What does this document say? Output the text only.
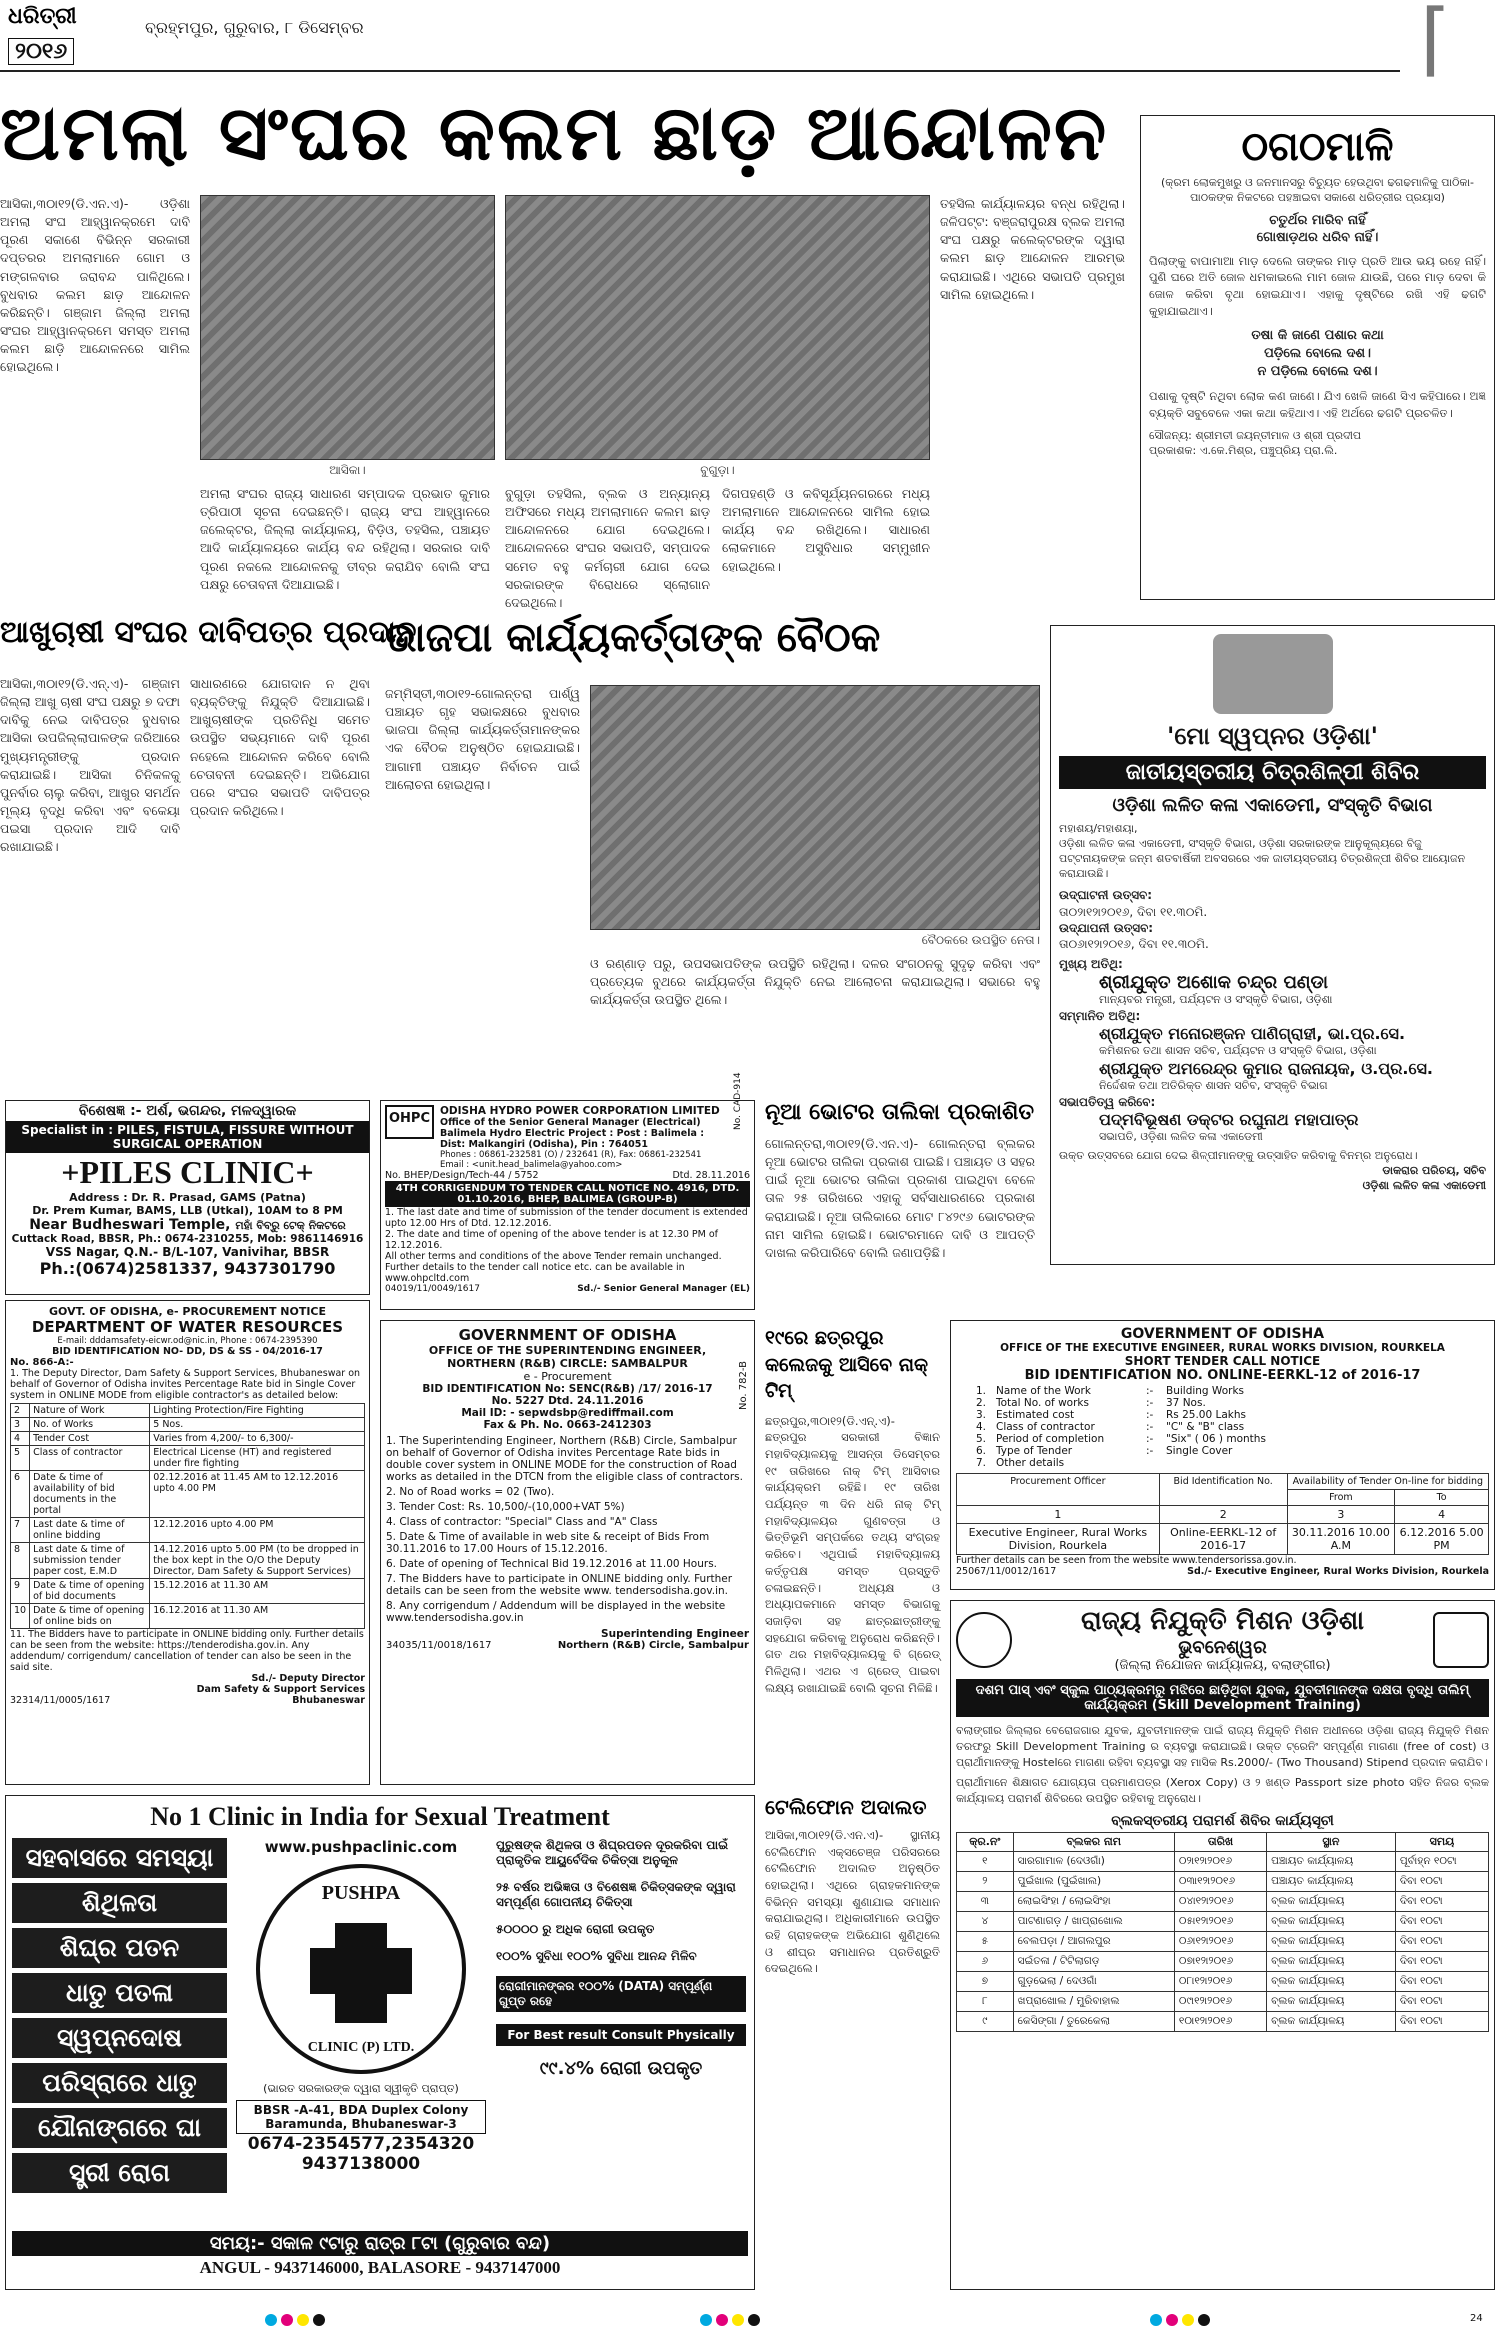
ଧରିତ୍ରୀ
୨୦୧୬
ବ୍ରହ୍ମପୁର, ଗୁରୁବାର, ୮ ଡିସେମ୍ବର	⌈
ଅମଲା ସଂଘର କଲମ ଛାଡ଼ ଆନ୍ଦୋଳନ
ଆସିକା,୩୦ା୧୨(ଡି.ଏନ.ଏ)- ଓଡ଼ିଶା ଅମଲା ସଂଘ ଆହ୍ୱାନକ୍ରମେ ଦାବି ପୂରଣ ସକାଶେ ବିଭିନ୍ନ ସରକାରୀ ଦପ୍ତରର ଅମଲାମାନେ ଗୋମ ଓ ମଙ୍ଗଳବାର ଜରାବନ୍ଦ ପାଳିଥିଲେ। ବୁଧବାର କଲମ ଛାଡ଼ ଆନ୍ଦୋଳନ କରିଛନ୍ତି। ଗଞ୍ଜାମ ଜିଲ୍ଲା ଅମଲା ସଂଘର ଆହ୍ୱାନକ୍ରମେ ସମସ୍ତ ଅମଲା କଲମ ଛାଡ଼ି ଆନ୍ଦୋଳନରେ ସାମିଲ ହୋଇଥିଲେ।
ଆସିକା।	ବୁଗୁଡ଼ା।
ଅମଲା ସଂଘର ରାଜ୍ୟ ସାଧାରଣ ସମ୍ପାଦକ ପ୍ରଭାତ କୁମାର ତ୍ରିପାଠୀ ସୂଚନା ଦେଇଛନ୍ତି। ରାଜ୍ୟ ସଂଘ ଆହ୍ୱାନରେ ଜଲେକ୍ଟର, ଜିଲ୍ଲା କାର୍ଯ୍ୟାଳୟ, ବିଡ଼ିଓ, ତହସିଲ, ପଞ୍ଚାୟତ ଆଦି କାର୍ଯ୍ୟାଳୟରେ କାର୍ଯ୍ୟ ବନ୍ଦ ରହିଥିଲା। ସରକାର ଦାବି ପୂରଣ ନକଲେ ଆନ୍ଦୋଳନକୁ ତୀବ୍ର କରାଯିବ ବୋଲି ସଂଘ ପକ୍ଷରୁ ଚେତାବନୀ ଦିଆଯାଇଛି।
ବୁଗୁଡ଼ା ତହସିଲ, ବ୍ଲକ ଓ ଅନ୍ୟାନ୍ୟ ଅଫିସରେ ମଧ୍ୟ ଅମଲାମାନେ କଲମ ଛାଡ଼ ଆନ୍ଦୋଳନରେ ଯୋଗ ଦେଇଥିଲେ। ଆନ୍ଦୋଳନରେ ସଂଘର ସଭାପତି, ସମ୍ପାଦକ ସମେତ ବହୁ କର୍ମଚାରୀ ଯୋଗ ଦେଇ ସରକାରଙ୍କ ବିରୋଧରେ ସ୍ଲୋଗାନ ଦେଇଥିଲେ।
ଦିଗପହଣ୍ଡି ଓ କବିସୂର୍ଯ୍ୟନଗରରେ ମଧ୍ୟ ଅମଲାମାନେ ଆନ୍ଦୋଳନରେ ସାମିଲ ହୋଇ କାର୍ଯ୍ୟ ବନ୍ଦ ରଖିଥିଲେ। ସାଧାରଣ ଲୋକମାନେ ଅସୁବିଧାର ସମ୍ମୁଖୀନ ହୋଇଥିଲେ।
ତହସିଲ କାର୍ଯ୍ୟାଳୟର ବନ୍ଧ ରହିଥିଲା। ଜଳିପଟ୍ଟ: ବଞ୍ଜରାପୁରକ୍ଷ ବ୍ଲକ ଅମଲା ସଂଘ ପକ୍ଷରୁ କଲେକ୍ଟରଙ୍କ ଦ୍ୱାରା କଲମ ଛାଡ଼ ଆନ୍ଦୋଳନ ଆରମ୍ଭ କରାଯାଇଛି। ଏଥିରେ ସଭାପତି ପ୍ରମୁଖ ସାମିଲ ହୋଇଥିଲେ।
ଠଗଠମାଳି
(କ୍ରମ ଲୋକମୁଖରୁ ଓ ଜନମାନସରୁ ବିଚ୍ୟୁତ ହେଉଥିବା ଢଗଢମାଳିକୁ ପାଠିକା-ପାଠକଙ୍କ ନିକଟରେ ପହଞ୍ଚାଇବା ସକାଶେ ଧରିତ୍ରୀର ପ୍ରୟାସ)
ଚତୁର୍ଥର ମାରିବ ନାହିଁ
ଗୋଷାଡ଼ଥର ଧରିବ ନାହିଁ।
ପିଲାଙ୍କୁ ବାପାମାଆ ମାଡ଼ ଦେଲେ ତାଙ୍କର ମାଡ଼ ପ୍ରତି ଆଉ ଭୟ ରହେ ନାହିଁ। ପୁଣି ଘରେ ଅତି ଜୋଳ ଧମକାଇଲେ ମାମ ଜୋଳ ଯାଉଛି, ପରେ ମାଡ଼ ଦେବା କି ଜୋଳ କରିବା ବୃଥା ହୋଇଯାଏ। ଏହାକୁ ଦୃଷ୍ଟିରେ ରଖି ଏହି ଢଗଟି କୁହାଯାଇଥାଏ।
ତଷା କି ଜାଣେ ପଶାର କଥା
ପଡ଼ିଲେ ବୋଲେ ଦଶ।
ନ ପଡ଼ିଲେ ବୋଲେ ଦଶ।
ପଶାକୁ ଦୃଷ୍ଟି ନଥିବା ଲୋକ କଣ ଜାଣେ। ଯିଏ ଖେଳି ଜାଣେ ସିଏ କହିପାରେ। ଅଜ୍ଞ ବ୍ୟକ୍ତି ସବୁବେଳେ ଏକା କଥା କହିଥାଏ। ଏହି ଅର୍ଥରେ ଢଗଟି ପ୍ରଚଳିତ।
ସୌଜନ୍ୟ: ଶ୍ରୀମତୀ ଜୟନ୍ତୀମାଳ ଓ ଶ୍ରୀ ପ୍ରଦୀପ
ପ୍ରକାଶକ: ଏ.କେ.ମିଶ୍ର, ପଞ୍ଚୁପ୍ରିୟ ପ୍ରା.ଲି.
ଆଖୁଚାଷୀ ସଂଘର ଦାବିପତ୍ର ପ୍ରଦାନ
ଆସିକା,୩୦ା୧୨(ଡି.ଏନ୍.ଏ)- ଗଞ୍ଜାମ ଜିଲ୍ଲା ଆଖୁ ଚାଷୀ ସଂଘ ପକ୍ଷରୁ ୭ ଦଫା ଦାବିକୁ ନେଇ ଦାବିପତ୍ର ବୁଧବାର ଆସିକା ଉପଜିଲ୍ଲାପାଳଙ୍କ ଜରିଆରେ ମୁଖ୍ୟମନ୍ତ୍ରୀଙ୍କୁ ପ୍ରଦାନ କରାଯାଇଛି। ଆସିକା ଚିନିକଳକୁ ପୁନର୍ବାର ଚାଲୁ କରିବା, ଆଖୁର ସମର୍ଥନ ମୂଲ୍ୟ ବୃଦ୍ଧି କରିବା ଏବଂ ବକେୟା ପଇସା ପ୍ରଦାନ ଆଦି ଦାବି ରଖାଯାଇଛି।
ସାଧାରଣରେ ଯୋଗଦାନ ନ ଥିବା ବ୍ୟକ୍ତିଙ୍କୁ ନିଯୁକ୍ତି ଦିଆଯାଇଛି। ଆଖୁଚାଷୀଙ୍କ ପ୍ରତିନିଧି ସମେତ ଉପସ୍ଥିତ ସଭ୍ୟମାନେ ଦାବି ପୂରଣ ନହେଲେ ଆନ୍ଦୋଳନ କରିବେ ବୋଲି ଚେତାବନୀ ଦେଇଛନ୍ତି। ଅଭିଯୋଗ ପରେ ସଂଘର ସଭାପତି ଦାବିପତ୍ର ପ୍ରଦାନ କରିଥିଲେ।
ଭାଜପା କାର୍ଯ୍ୟକର୍ତ୍ତାଙ୍କ ବୈଠକ
ଜମ୍ମିସ୍ତୀ,୩୦ା୧୨-ଗୋଲନ୍ତରା ପାର୍ଶ୍ୱ ପଞ୍ଚାୟତ ଗୃହ ସଭାକକ୍ଷରେ ବୁଧବାର ଭାଜପା ଜିଲ୍ଲା କାର୍ଯ୍ୟକର୍ତ୍ତାମାନଙ୍କର ଏକ ବୈଠକ ଅନୁଷ୍ଠିତ ହୋଇଯାଇଛି। ଆଗାମୀ ପଞ୍ଚାୟତ ନିର୍ବାଚନ ପାଇଁ ଆଲୋଚନା ହୋଇଥିଲା।
ବୈଠକରେ ଉପସ୍ଥିତ ନେତା।
ଓ ରଣ୍ଣାଡ଼ ପରୁ, ଉପସଭାପତିଙ୍କ ଉପସ୍ଥିତି ରହିଥିଲା। ଦଳର ସଂଗଠନକୁ ସୁଦୃଢ଼ କରିବା ଏବଂ ପ୍ରତ୍ୟେକ ବୁଥରେ କାର୍ଯ୍ୟକର୍ତ୍ତା ନିଯୁକ୍ତି ନେଇ ଆଲୋଚନା କରାଯାଇଥିଲା। ସଭାରେ ବହୁ କାର୍ଯ୍ୟକର୍ତ୍ତା ଉପସ୍ଥିତ ଥିଲେ।
'ମୋ ସ୍ୱପ୍ନର ଓଡ଼ିଶା'
ଜାତୀୟସ୍ତରୀୟ ଚିତ୍ରଶିଳ୍ପୀ ଶିବିର
ଓଡ଼ିଶା ଲଳିତ କଳା ଏକାଡେମୀ, ସଂସ୍କୃତି ବିଭାଗ
ମହାଶୟ/ମହାଶୟା,
ଓଡ଼ିଶା ଲଳିତ କଳା ଏକାଡେମୀ, ସଂସ୍କୃତି ବିଭାଗ, ଓଡ଼ିଶା ସରକାରଙ୍କ ଆନୁକୂଲ୍ୟରେ ବିଜୁ ପଟ୍ଟନାୟକଙ୍କ ଜନ୍ମ ଶତବାର୍ଷିକୀ ଅବସରରେ ଏକ ଜାତୀୟସ୍ତରୀୟ ଚିତ୍ରଶିଳ୍ପୀ ଶିବିର ଆୟୋଜନ କରାଯାଉଛି।
ଉଦ୍‌ଘାଟନୀ ଉତ୍ସବ:
ତା୦୨ା୧୨ା୨୦୧୬, ଦିବା ୧୧.୩୦ମି.
ଉଦ୍‌ଯାପନୀ ଉତ୍ସବ:
ତା୦୬ା୧୨ା୨୦୧୬, ଦିବା ୧୧.୩୦ମି.
ମୁଖ୍ୟ ଅତିଥି:
ଶ୍ରୀଯୁକ୍ତ ଅଶୋକ ଚନ୍ଦ୍ର ପଣ୍ଡା
ମାନ୍ୟବର ମନ୍ତ୍ରୀ, ପର୍ଯ୍ୟଟନ ଓ ସଂସ୍କୃତି ବିଭାଗ, ଓଡ଼ିଶା
ସମ୍ମାନିତ ଅତିଥି:
ଶ୍ରୀଯୁକ୍ତ ମନୋରଞ୍ଜନ ପାଣିଗ୍ରାହୀ, ଭା.ପ୍ର.ସେ.
କମିଶନର ତଥା ଶାସନ ସଚିବ, ପର୍ଯ୍ୟଟନ ଓ ସଂସ୍କୃତି ବିଭାଗ, ଓଡ଼ିଶା
ଶ୍ରୀଯୁକ୍ତ ଅମରେନ୍ଦ୍ର କୁମାର ରାଜନାୟକ, ଓ.ପ୍ର.ସେ.
ନିର୍ଦ୍ଦେଶକ ତଥା ଅତିରିକ୍ତ ଶାସନ ସଚିବ, ସଂସ୍କୃତି ବିଭାଗ
ସଭାପତିତ୍ୱ କରିବେ:
ପଦ୍ମବିଭୂଷଣ ଡକ୍ଟର ରଘୁନାଥ ମହାପାତ୍ର
ସଭାପତି, ଓଡ଼ିଶା ଲଳିତ କଳା ଏକାଡେମୀ
ଉକ୍ତ ଉତ୍ସବରେ ଯୋଗ ଦେଇ ଶିଳ୍ପୀମାନଙ୍କୁ ଉତ୍ସାହିତ କରିବାକୁ ବିନମ୍ର ଅନୁରୋଧ।
ଡାକରାର ପରିଚୟ, ସଚିବ
ଓଡ଼ିଶା ଲଳିତ କଳା ଏକାଡେମୀ
ବିଶେଷଜ୍ଞ :- ଅର୍ଶ, ଭଗନ୍ଦର, ମଳଦ୍ୱାରକ
Specialist in : PILES, FISTULA, FISSURE WITHOUT SURGICAL OPERATION
+PILES CLINIC+
Address : Dr. R. Prasad, GAMS (Patna)
Dr. Prem Kumar, BAMS, LLB (Utkal), 10AM to 8 PM
Near Budheswari Temple, ମହାଁ ବିବ୍ରୁ ଟେକ୍ ନିକଟରେ
Cuttack Road, BBSR, Ph.: 0674-2310255, Mob: 9861146916
VSS Nagar, Q.N.- B/L-107, Vanivihar, BBSR
Ph.:(0674)2581337, 9437301790
OHPC ODISHA HYDRO POWER CORPORATION LIMITED
Office of the Senior General Manager (Electrical)
Balimela Hydro Electric Project : Post : Balimela :
Dist: Malkangiri (Odisha), Pin : 764051
Phones : 06861-232581 (O) / 232641 (R), Fax: 06861-232541
Email : <unit.head_balimela@yahoo.com>
No. BHEP/Design/Tech-44 / 5752	Dtd. 28.11.2016
4TH CORRIGENDUM TO TENDER CALL NOTICE NO. 4916, DTD. 01.10.2016, BHEP, BALIMEA (GROUP-B)
1. The last date and time of submission of the tender document is extended upto 12.00 Hrs of Dtd. 12.12.2016.
2. The date and time of opening of the above tender is at 12.30 PM of 12.12.2016.
All other terms and conditions of the above Tender remain unchanged.
Further details to the tender call notice etc. can be available in www.ohpcltd.com
04019/11/0049/1617	Sd./- Senior General Manager (EL)
No. CAD-914 ନୂଆ ଭୋଟର ତାଲିକା ପ୍ରକାଶିତ
ଗୋଲନ୍ତରା,୩୦ା୧୨(ଡି.ଏନ.ଏ)- ଗୋଲନ୍ତରା ବ୍ଲକର ନୂଆ ଭୋଟର ତାଲିକା ପ୍ରକାଶ ପାଇଛି। ପଞ୍ଚାୟତ ଓ ସହର ପାଇଁ ନୂଆ ଭୋଟର ତାଲିକା ପ୍ରକାଶ ପାଇଥିବା ବେଳେ ତାଳ ୨୫ ତାରିଖରେ ଏହାକୁ ସର୍ବସାଧାରଣରେ ପ୍ରକାଶ କରାଯାଇଛି। ନୂଆ ତାଲିକାରେ ମୋଟ ୮୪୨୯୬ ଭୋଟରଙ୍କ ନାମ ସାମିଲ ହୋଇଛି। ଭୋଟରମାନେ ଦାବି ଓ ଆପତ୍ତି ଦାଖଲ କରିପାରିବେ ବୋଲି ଜଣାପଡ଼ିଛି।
GOVT. OF ODISHA, e- PROCUREMENT NOTICE
DEPARTMENT OF WATER RESOURCES
E-mail: dddamsafety-eicwr.od@nic.in, Phone : 0674-2395390
BID IDENTIFICATION NO- DD, DS & SS - 04/2016-17
No. 866-A:-
1. The Deputy Director, Dam Safety & Support Services, Bhubaneswar on behalf of Governor of Odisha invites Percentage Rate bid in Single Cover system in ONLINE MODE from eligible contractor's as detailed below:
2	Nature of Work	Lighting Protection/Fire Fighting
3	No. of Works	5 Nos.
4	Tender Cost	Varies from 4,200/- to 6,300/-
5	Class of contractor	Electrical License (HT) and registered under fire fighting
6	Date & time of availability of bid documents in the portal	02.12.2016 at 11.45 AM to 12.12.2016 upto 4.00 PM
7	Last date & time of online bidding	12.12.2016 upto 4.00 PM
8	Last date & time of submission tender paper cost, E.M.D	14.12.2016 upto 5.00 PM (to be dropped in the box kept in the O/O the Deputy Director, Dam Safety & Support Services)
9	Date & time of opening of bid documents	15.12.2016 at 11.30 AM
10	Date & time of opening of online bids on	16.12.2016 at 11.30 AM
11. The Bidders have to participate in ONLINE bidding only. Further details can be seen from the website: https://tenderodisha.gov.in. Any addendum/ corrigendum/ cancellation of tender can also be seen in the said site.
Sd./- Deputy Director
Dam Safety & Support Services
32314/11/0005/1617	Bhubaneswar
GOVERNMENT OF ODISHA
OFFICE OF THE SUPERINTENDING ENGINEER,
NORTHERN (R&B) CIRCLE: SAMBALPUR
e - Procurement
BID IDENTIFICATION No: SENC(R&B) /17/ 2016-17
No. 5227 Dtd. 24.11.2016
Mail ID: - sepwdsbp@rediffmail.com
Fax & Ph. No. 0663-2412303
1. The Superintending Engineer, Northern (R&B) Circle, Sambalpur on behalf of Governor of Odisha invites Percentage Rate bids in double cover system in ONLINE MODE for the construction of Road works as detailed in the DTCN from the eligible class of contractors.
2. No of Road works = 02 (Two).
3. Tender Cost: Rs. 10,500/-(10,000+VAT 5%)
4. Class of contractor: "Special" Class and "A" Class
5. Date & Time of available in web site & receipt of Bids From 30.11.2016 to 17.00 Hours of 15.12.2016.
6. Date of opening of Technical Bid 19.12.2016 at 11.00 Hours.
7. The Bidders have to participate in ONLINE bidding only. Further details can be seen from the website www. tendersodisha.gov.in.
8. Any corrigendum / Addendum will be displayed in the website www.tendersodisha.gov.in
Superintending Engineer
34035/11/0018/1617	Northern (R&B) Circle, Sambalpur
No. 782-B
୧୯ରେ ଛତ୍ରପୁର କଲେଜକୁ ଆସିବେ ନାକ୍ ଟିମ୍
ଛତ୍ରପୁର,୩୦ା୧୨(ଡି.ଏନ୍.ଏ)- ଛତ୍ରପୁର ସରକାରୀ ବିଜ୍ଞାନ ମହାବିଦ୍ୟାଳୟକୁ ଆସନ୍ତା ଡିସେମ୍ବର ୧୯ ତାରିଖରେ ନାକ୍ ଟିମ୍ ଆସିବାର କାର୍ଯ୍ୟକ୍ରମ ରହିଛି। ୧୯ ତାରିଖ ପର୍ଯ୍ୟନ୍ତ ୩ ଦିନ ଧରି ନାକ୍ ଟିମ୍ ମହାବିଦ୍ୟାଳୟର ଗୁଣବତ୍ତା ଓ ଭିତ୍ତିଭୂମି ସମ୍ପର୍କରେ ତଥ୍ୟ ସଂଗ୍ରହ କରିବେ। ଏଥିପାଇଁ ମହାବିଦ୍ୟାଳୟ କର୍ତ୍ତୃପକ୍ଷ ସମସ୍ତ ପ୍ରସ୍ତୁତି ଚଳାଇଛନ୍ତି। ଅଧ୍ୟକ୍ଷ ଓ ଅଧ୍ୟାପକମାନେ ସମସ୍ତ ବିଭାଗକୁ ସଜାଡ଼ିବା ସହ ଛାତ୍ରଛାତ୍ରୀଙ୍କୁ ସହଯୋଗ କରିବାକୁ ଅନୁରୋଧ କରିଛନ୍ତି। ଗତ ଥର ମହାବିଦ୍ୟାଳୟକୁ ବି ଗ୍ରେଡ୍ ମିଳିଥିଲା। ଏଥର ଏ ଗ୍ରେଡ୍ ପାଇବା ଲକ୍ଷ୍ୟ ରଖାଯାଇଛି ବୋଲି ସୂଚନା ମିଳିଛି।
GOVERNMENT OF ODISHA
OFFICE OF THE EXECUTIVE ENGINEER, RURAL WORKS DIVISION, ROURKELA
SHORT TENDER CALL NOTICE
BID IDENTIFICATION NO. ONLINE-EERKL-12 of 2016-17
1. Name of the Work	:-	Building Works
2. Total No. of works	:-	37 Nos.
3. Estimated cost	:-	Rs 25.00 Lakhs
4. Class of contractor	:-	"C" & "B" class
5. Period of completion	:-	"Six" ( 06 ) months
6. Type of Tender	:-	Single Cover
7. Other details
Procurement Officer	Bid Identification No.	Availability of Tender On-line for bidding	
		From	To
1	2	3	4
Executive Engineer, Rural Works Division, Rourkela	Online-EERKL-12 of 2016-17	30.11.2016 10.00 A.M	6.12.2016 5.00 PM
Further details can be seen from the website www.tendersorissa.gov.in.
25067/11/0012/1617	Sd./- Executive Engineer, Rural Works Division, Rourkela
ଟେଲିଫୋନ ଅଦାଲତ
ଆସିକା,୩୦ା୧୨(ଡି.ଏନ.ଏ)- ସ୍ଥାନୀୟ ଟେଲିଫୋନ ଏକ୍ସଚେଞ୍ଜ ପରିସରରେ ଟେଲିଫୋନ ଅଦାଲତ ଅନୁଷ୍ଠିତ ହୋଇଥିଲା। ଏଥିରେ ଗ୍ରାହକମାନଙ୍କ ବିଭିନ୍ନ ସମସ୍ୟା ଶୁଣାଯାଇ ସମାଧାନ କରାଯାଇଥିଲା। ଅଧିକାରୀମାନେ ଉପସ୍ଥିତ ରହି ଗ୍ରାହକଙ୍କ ଅଭିଯୋଗ ଶୁଣିଥିଲେ ଓ ଶୀଘ୍ର ସମାଧାନର ପ୍ରତିଶ୍ରୁତି ଦେଇଥିଲେ।
ରାଜ୍ୟ ନିଯୁକ୍ତି ମିଶନ ଓଡ଼ିଶା
ଭୁବନେଶ୍ୱର
(ଜିଲ୍ଲା ନିଯୋଜନ କାର୍ଯ୍ୟାଳୟ, ବଲାଙ୍ଗୀର)
ଦଶମ ପାସ୍ ଏବଂ ସ୍କୁଲ ପାଠ୍ୟକ୍ରମରୁ ମଝିରେ ଛାଡ଼ିଥିବା ଯୁବକ, ଯୁବତୀମାନଙ୍କ ଦକ୍ଷତା ବୃଦ୍ଧି ତାଲିମ୍ କାର୍ଯ୍ୟକ୍ରମ (Skill Development Training)
ବଲାଙ୍ଗୀର ଜିଲ୍ଲାର ବେରୋଜଗାର ଯୁବକ, ଯୁବତୀମାନଙ୍କ ପାଇଁ ରାଜ୍ୟ ନିଯୁକ୍ତି ମିଶନ ଅଧୀନରେ ଓଡ଼ିଶା ରାଜ୍ୟ ନିଯୁକ୍ତି ମିଶନ ତରଫରୁ Skill Development Training ର ବ୍ୟବସ୍ଥା କରାଯାଇଛି। ଉକ୍ତ ଟ୍ରେନିଂ ସମ୍ପୂର୍ଣ୍ଣ ମାଗଣା (free of cost) ଓ ପ୍ରାର୍ଥୀମାନଙ୍କୁ Hostelରେ ମାଗଣା ରହିବା ବ୍ୟବସ୍ଥା ସହ ମାସିକ Rs.2000/- (Two Thousand) Stipend ପ୍ରଦାନ କରାଯିବ।
ପ୍ରାର୍ଥୀମାନେ ଶିକ୍ଷାଗତ ଯୋଗ୍ୟତା ପ୍ରମାଣପତ୍ର (Xerox Copy) ଓ ୨ ଖଣ୍ଡ Passport size photo ସହିତ ନିଜର ବ୍ଲକ କାର୍ଯ୍ୟାଳୟ ପରାମର୍ଶ ଶିବିରରେ ଉପସ୍ଥିତ ରହିବାକୁ ଅନୁରୋଧ।
ବ୍ଲକସ୍ତରୀୟ ପରାମର୍ଶ ଶିବିର କାର୍ଯ୍ୟସୂଚୀ
କ୍ର.ନଂ	ବ୍ଲକର ନାମ	ତାରିଖ	ସ୍ଥାନ	ସମୟ
୧	ସାରଗାମାଳ (ଦେଓଗାଁ)	୦୨ା୧୨ା୨୦୧୬	ପଞ୍ଚାୟତ କାର୍ଯ୍ୟାଳୟ	ପୂର୍ବାହ୍ନ ୧୦ଟା
୨	ପୁଇଁଖାଲ (ପୁଇଁଖାଲ)	୦୩ା୧୨ା୨୦୧୬	ପଞ୍ଚାୟତ କାର୍ଯ୍ୟାଳୟ	ଦିବା ୧୦ଟା
୩	ଲୋଇସିଂହା / ଲୋଇସିଂହା	୦୪ା୧୨ା୨୦୧୬	ବ୍ଲକ କାର୍ଯ୍ୟାଳୟ	ଦିବା ୧୦ଟା
୪	ପାଟଣାଗଡ଼ / ଖାପ୍ରାଖୋଲ	୦୫ା୧୨ା୨୦୧୬	ବ୍ଲକ କାର୍ଯ୍ୟାଳୟ	ଦିବା ୧୦ଟା
୫	ବେଲପଡ଼ା / ଆଗଲପୁର	୦୬ା୧୨ା୨୦୧୬	ବ୍ଲକ କାର୍ଯ୍ୟାଳୟ	ଦିବା ୧୦ଟା
୬	ସଇଁତଳା / ଟିଟିଲାଗଡ଼	୦୭ା୧୨ା୨୦୧୬	ବ୍ଲକ କାର୍ଯ୍ୟାଳୟ	ଦିବା ୧୦ଟା
୭	ଗୁଡ଼ଭେଲା / ଦେଓଗାଁ	୦୮ା୧୨ା୨୦୧୬	ବ୍ଲକ କାର୍ଯ୍ୟାଳୟ	ଦିବା ୧୦ଟା
୮	ଖପ୍ରାଖୋଲ / ମୁରିବାହାଲ	୦୯ା୧୨ା୨୦୧୬	ବ୍ଲକ କାର୍ଯ୍ୟାଳୟ	ଦିବା ୧୦ଟା
୯	କେସିଙ୍ଗା / ତୁରେକେଲା	୧୦ା୧୨ା୨୦୧୬	ବ୍ଲକ କାର୍ଯ୍ୟାଳୟ	ଦିବା ୧୦ଟା
No 1 Clinic in India for Sexual Treatment
ସହବାସରେ ସମସ୍ୟା
ଶିଥିଳତା
ଶିଘ୍ର ପତନ
ଧାତୁ ପତଳା
ସ୍ୱପ୍ନଦୋଷ
ପରିସ୍ରାରେ ଧାତୁ
ଯୌନାଙ୍ଗରେ ଘା
ସ୍ତ୍ରୀ ରୋଗ
www.pushpaclinic.com
PUSHPA
CLINIC (P) LTD.
(ଭାରତ ସରକାରଙ୍କ ଦ୍ୱାରା ସ୍ୱୀକୃତି ପ୍ରାପ୍ତ)
BBSR -A-41, BDA Duplex Colony Baramunda, Bhubaneswar-3
0674-2354577,2354320
9437138000
ପୁରୁଷଙ୍କ ଶିଥିଳତା ଓ ଶିଘ୍ରପତନ ଦୂରକରିବା ପାଇଁ ପ୍ରାକୃତିକ ଆୟୁର୍ବେଦିକ ଚିକିତ୍ସା ଅନୁକୂଳ
୨୫ ବର୍ଷର ଅଭିଜ୍ଞତା ଓ ବିଶେଷଜ୍ଞ ଚିକିତ୍ସକଙ୍କ ଦ୍ୱାରା ସମ୍ପୂର୍ଣ୍ଣ ଗୋପନୀୟ ଚିକିତ୍ସା
୫୦୦୦୦ ରୁ ଅଧିକ ରୋଗୀ ଉପକୃତ
୧୦୦% ସୁବିଧା ୧୦୦% ସୁବିଧା ଆନନ୍ଦ ମିଳିବ
ରୋଗୀମାନଙ୍କର ୧୦୦% (DATA) ସମ୍ପୂର୍ଣ୍ଣ ଗୁପ୍ତ ରହେ
For Best result Consult Physically
୯୯.୪% ରୋଗୀ ଉପକୃତ
ସମୟ:- ସକାଳ ୯ଟାରୁ ରାତ୍ର ୮ଟା (ଗୁରୁବାର ବନ୍ଦ)
ANGUL - 9437146000, BALASORE - 9437147000
24
